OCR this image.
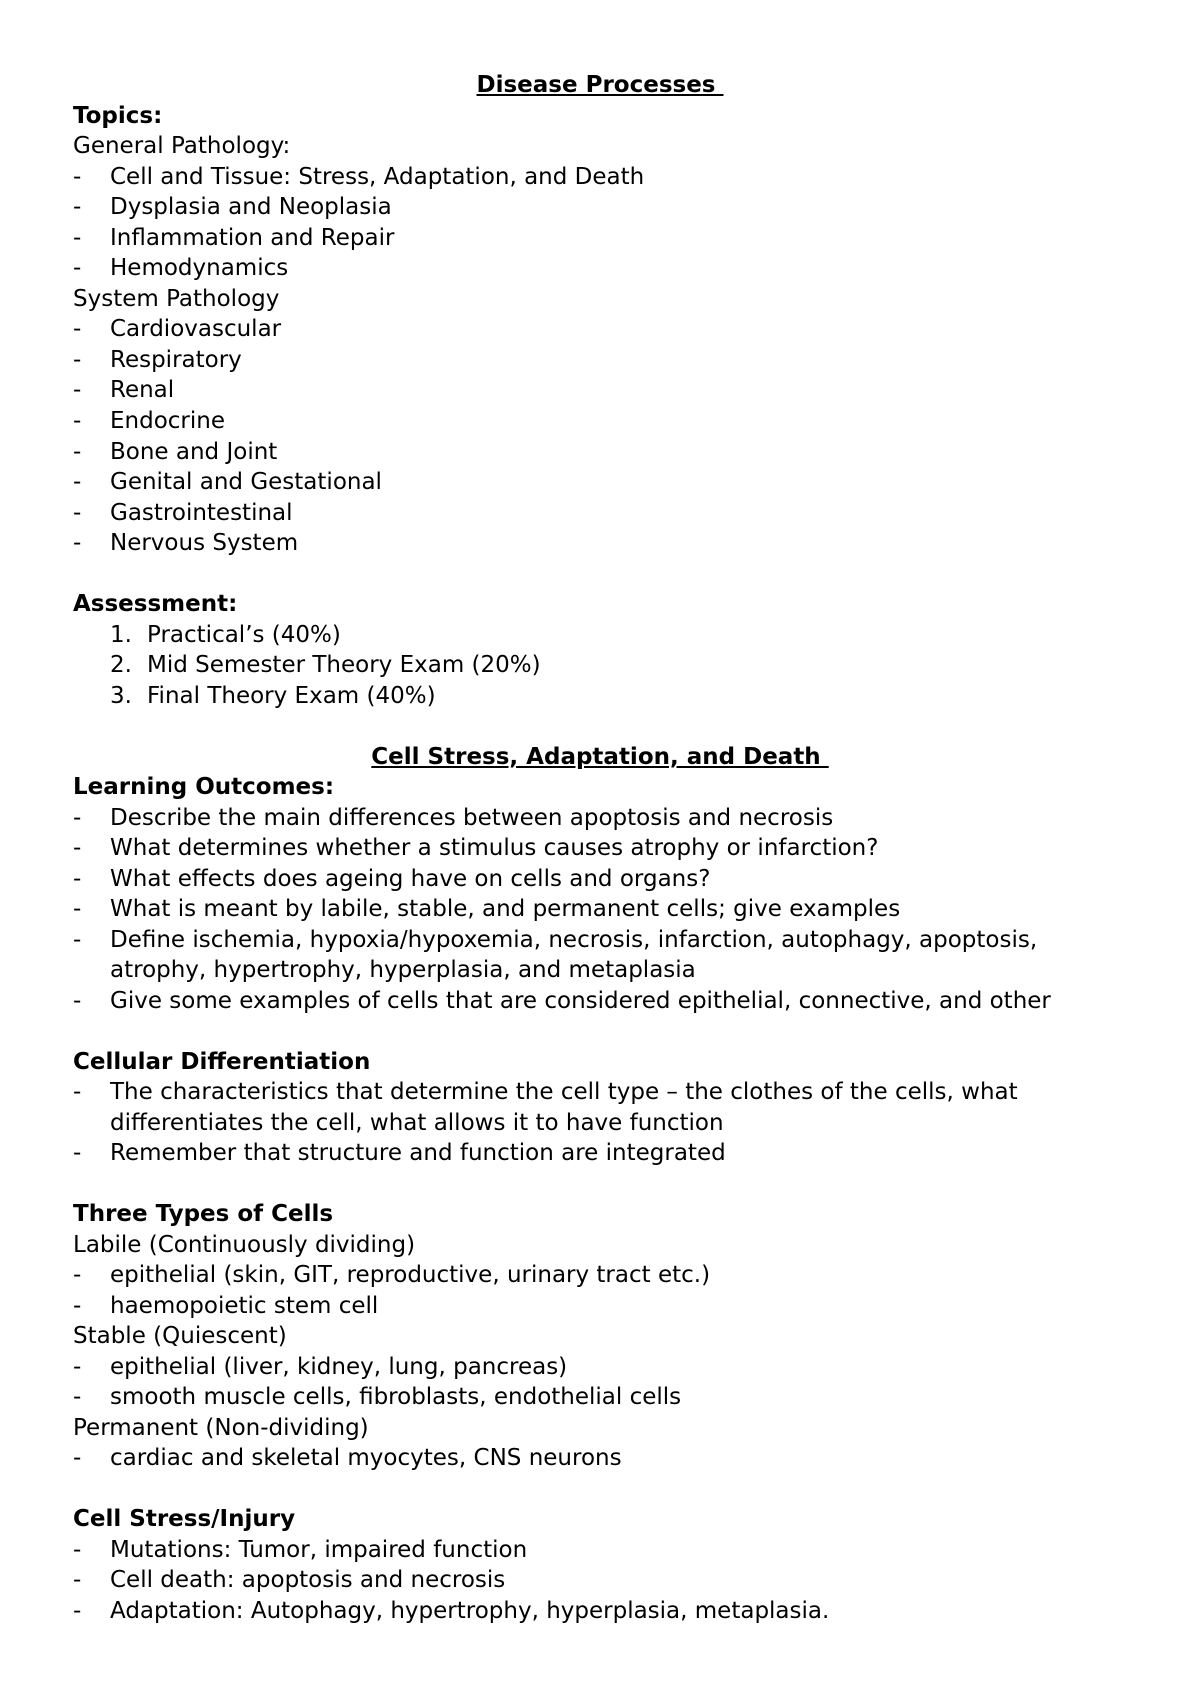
Disease Processes
Topics:
General Pathology:
- Cell and Tissue: Stress, Adaptation, and Death
- Dysplasia and Neoplasia
- Inflammation and Repair
- Hemodynamics
System Pathology
- Cardiovascular
- Respiratory
- Renal
- Endocrine
- Bone and Joint
- Genital and Gestational
- Gastrointestinal
- Nervous System
Assessment:
1. Practical’s (40%)
2. Mid Semester Theory Exam (20%)
3. Final Theory Exam (40%)
Cell Stress, Adaptation, and Death
Learning Outcomes:
- Describe the main differences between apoptosis and necrosis
- What determines whether a stimulus causes atrophy or infarction?
- What effects does ageing have on cells and organs?
- What is meant by labile, stable, and permanent cells; give examples
- Define ischemia, hypoxia/hypoxemia, necrosis, infarction, autophagy, apoptosis,
atrophy, hypertrophy, hyperplasia, and metaplasia
- Give some examples of cells that are considered epithelial, connective, and other
Cellular Differentiation
- The characteristics that determine the cell type – the clothes of the cells, what
differentiates the cell, what allows it to have function
- Remember that structure and function are integrated
Three Types of Cells
Labile (Continuously dividing)
- epithelial (skin, GIT, reproductive, urinary tract etc.)
- haemopoietic stem cell
Stable (Quiescent)
- epithelial (liver, kidney, lung, pancreas)
- smooth muscle cells, fibroblasts, endothelial cells
Permanent (Non-dividing)
- cardiac and skeletal myocytes, CNS neurons
Cell Stress/Injury
- Mutations: Tumor, impaired function
- Cell death: apoptosis and necrosis
- Adaptation: Autophagy, hypertrophy, hyperplasia, metaplasia.
